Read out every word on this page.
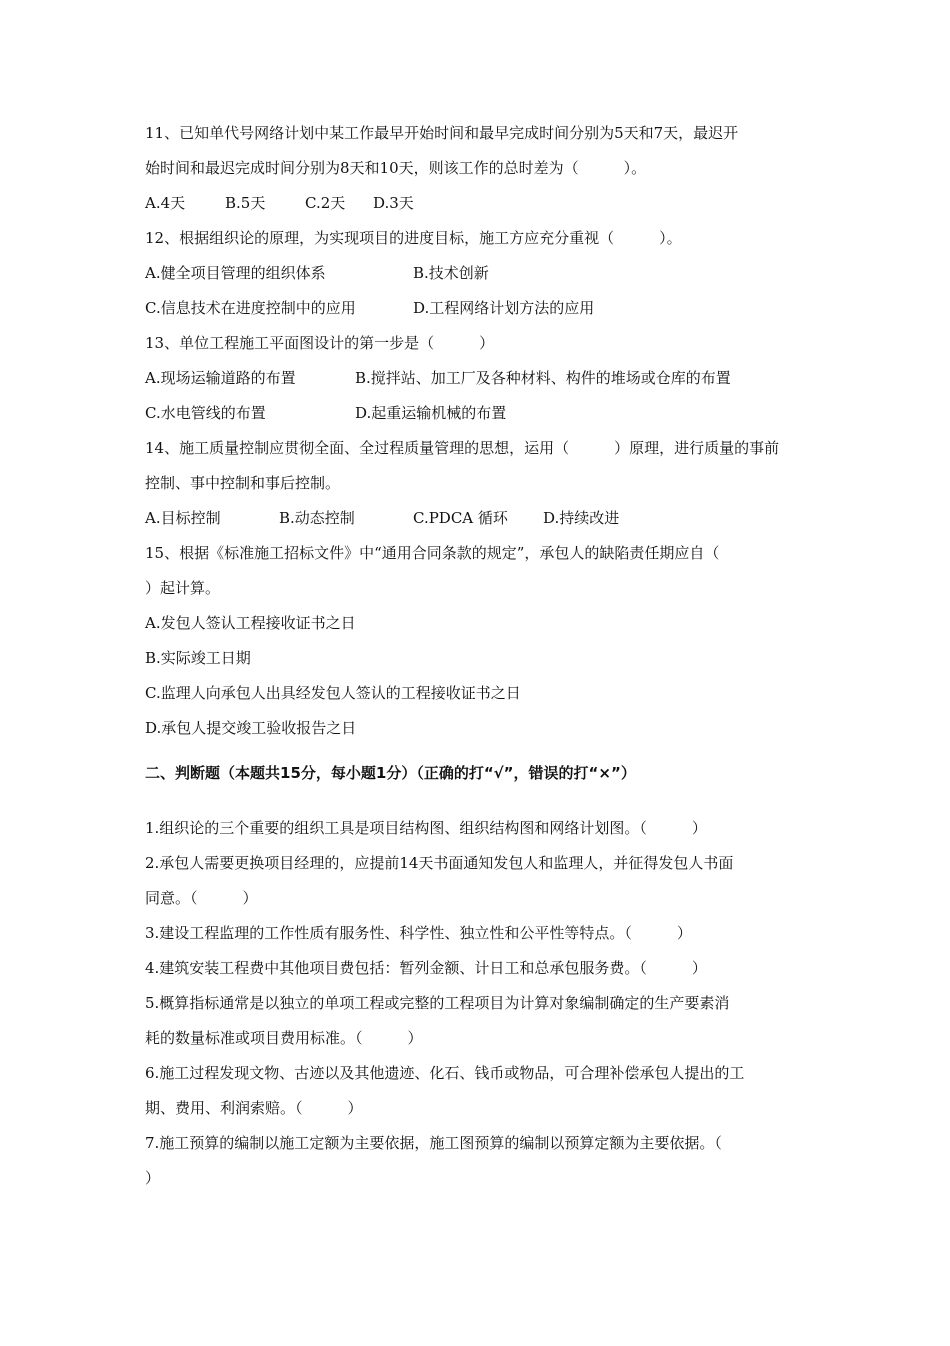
11、已知单代号网络计划中某工作最早开始时间和最早完成时间分别为5天和7天，最迟开
始时间和最迟完成时间分别为8天和10天，则该工作的总时差为（　　　）。
A.4天	B.5天	C.2天	D.3天
12、根据组织论的原理，为实现项目的进度目标，施工方应充分重视（　　　）。
A.健全项目管理的组织体系	B.技术创新
C.信息技术在进度控制中的应用	D.工程网络计划方法的应用
13、单位工程施工平面图设计的第一步是（　　　）
A.现场运输道路的布置	B.搅拌站、加工厂及各种材料、构件的堆场或仓库的布置
C.水电管线的布置	D.起重运输机械的布置
14、施工质量控制应贯彻全面、全过程质量管理的思想，运用（　　　）原理，进行质量的事前
控制、事中控制和事后控制。
A.目标控制	B.动态控制	C.PDCA 循环	D.持续改进
15、根据《标准施工招标文件》中“通用合同条款的规定”，承包人的缺陷责任期应自（
）起计算。
A.发包人签认工程接收证书之日
B.实际竣工日期
C.监理人向承包人出具经发包人签认的工程接收证书之日
D.承包人提交竣工验收报告之日
二、判断题（本题共15分，每小题1分）（正确的打“√”，错误的打“×”）
1.组织论的三个重要的组织工具是项目结构图、组织结构图和网络计划图。（　　　）
2.承包人需要更换项目经理的，应提前14天书面通知发包人和监理人，并征得发包人书面
同意。（　　　）
3.建设工程监理的工作性质有服务性、科学性、独立性和公平性等特点。（　　　）
4.建筑安装工程费中其他项目费包括：暂列金额、计日工和总承包服务费。（　　　）
5.概算指标通常是以独立的单项工程或完整的工程项目为计算对象编制确定的生产要素消
耗的数量标准或项目费用标准。（　　　）
6.施工过程发现文物、古迹以及其他遗迹、化石、钱币或物品，可合理补偿承包人提出的工
期、费用、利润索赔。（　　　）
7.施工预算的编制以施工定额为主要依据，施工图预算的编制以预算定额为主要依据。（
）
